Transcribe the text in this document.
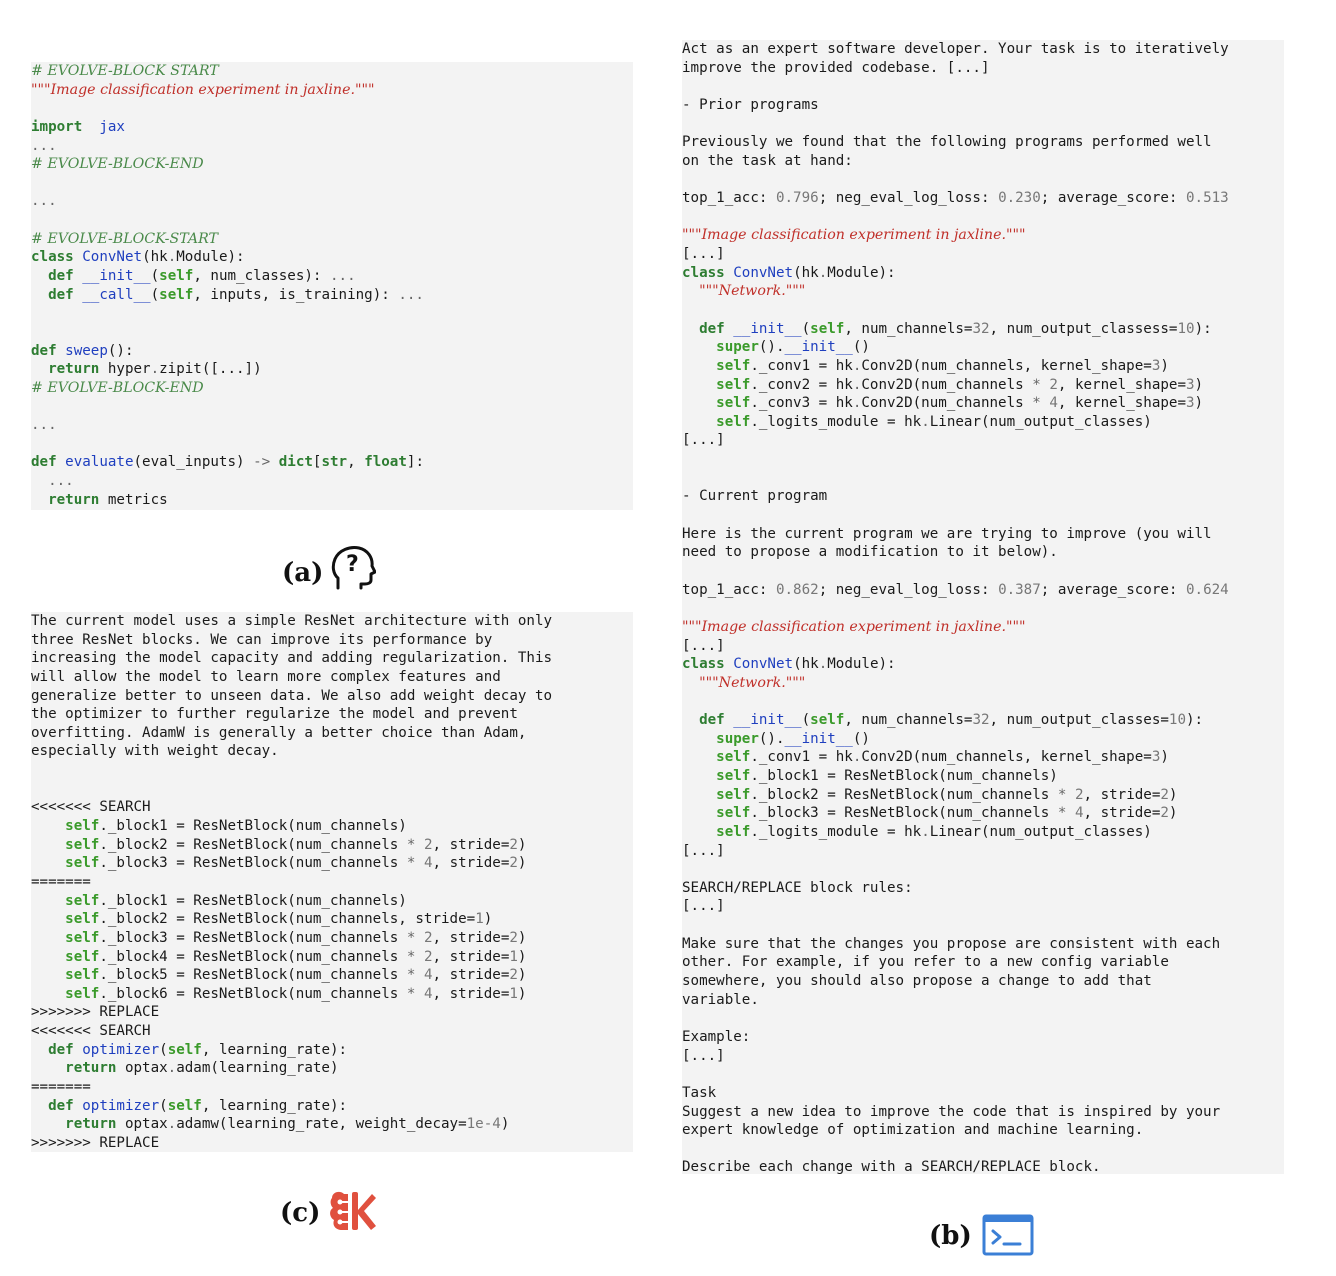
# EVOLVE-BLOCK START
"""Image classification experiment in jaxline."""

import jax
...
# EVOLVE-BLOCK-END

...

# EVOLVE-BLOCK-START
class ConvNet(hk.Module):
def __init__(self, num_classes): ...
def __call__(self, inputs, is_training): ...

def sweep():
return hyper.zipit([...])
# EVOLVE-BLOCK-END

...

def evaluate(eval_inputs) -> dict[str, float]:
...
return metrics
(a) ?
The current model uses a simple ResNet architecture with only
three ResNet blocks. We can improve its performance by
increasing the model capacity and adding regularization. This
will allow the model to learn more complex features and
generalize better to unseen data. We also add weight decay to
the optimizer to further regularize the model and prevent
overfitting. AdamW is generally a better choice than Adam,
especially with weight decay.

<<<<<<< SEARCH
self._block1 = ResNetBlock(num_channels)
self._block2 = ResNetBlock(num_channels * 2, stride=2)
self._block3 = ResNetBlock(num_channels * 4, stride=2)
=======
self._block1 = ResNetBlock(num_channels)
self._block2 = ResNetBlock(num_channels, stride=1)
self._block3 = ResNetBlock(num_channels * 2, stride=2)
self._block4 = ResNetBlock(num_channels * 2, stride=1)
self._block5 = ResNetBlock(num_channels * 4, stride=2)
self._block6 = ResNetBlock(num_channels * 4, stride=1)
>>>>>>> REPLACE
<<<<<<< SEARCH
def optimizer(self, learning_rate):
return optax.adam(learning_rate)
=======
def optimizer(self, learning_rate):
return optax.adamw(learning_rate, weight_decay=1e-4)
>>>>>>> REPLACE
(c)
Act as an expert software developer. Your task is to iteratively
improve the provided codebase. [...]

- Prior programs

Previously we found that the following programs performed well
on the task at hand:

top_1_acc: 0.796; neg_eval_log_loss: 0.230; average_score: 0.513

"""Image classification experiment in jaxline."""
[...]
class ConvNet(hk.Module):
"""Network."""

def __init__(self, num_channels=32, num_output_classess=10):
super().__init__()
self._conv1 = hk.Conv2D(num_channels, kernel_shape=3)
self._conv2 = hk.Conv2D(num_channels * 2, kernel_shape=3)
self._conv3 = hk.Conv2D(num_channels * 4, kernel_shape=3)
self._logits_module = hk.Linear(num_output_classes)
[...]

- Current program

Here is the current program we are trying to improve (you will
need to propose a modification to it below).

top_1_acc: 0.862; neg_eval_log_loss: 0.387; average_score: 0.624

"""Image classification experiment in jaxline."""
[...]
class ConvNet(hk.Module):
"""Network."""

def __init__(self, num_channels=32, num_output_classes=10):
super().__init__()
self._conv1 = hk.Conv2D(num_channels, kernel_shape=3)
self._block1 = ResNetBlock(num_channels)
self._block2 = ResNetBlock(num_channels * 2, stride=2)
self._block3 = ResNetBlock(num_channels * 4, stride=2)
self._logits_module = hk.Linear(num_output_classes)
[...]

SEARCH/REPLACE block rules:
[...]

Make sure that the changes you propose are consistent with each
other. For example, if you refer to a new config variable
somewhere, you should also propose a change to add that
variable.

Example:
[...]

Task
Suggest a new idea to improve the code that is inspired by your
expert knowledge of optimization and machine learning.

Describe each change with a SEARCH/REPLACE block.
(b)
